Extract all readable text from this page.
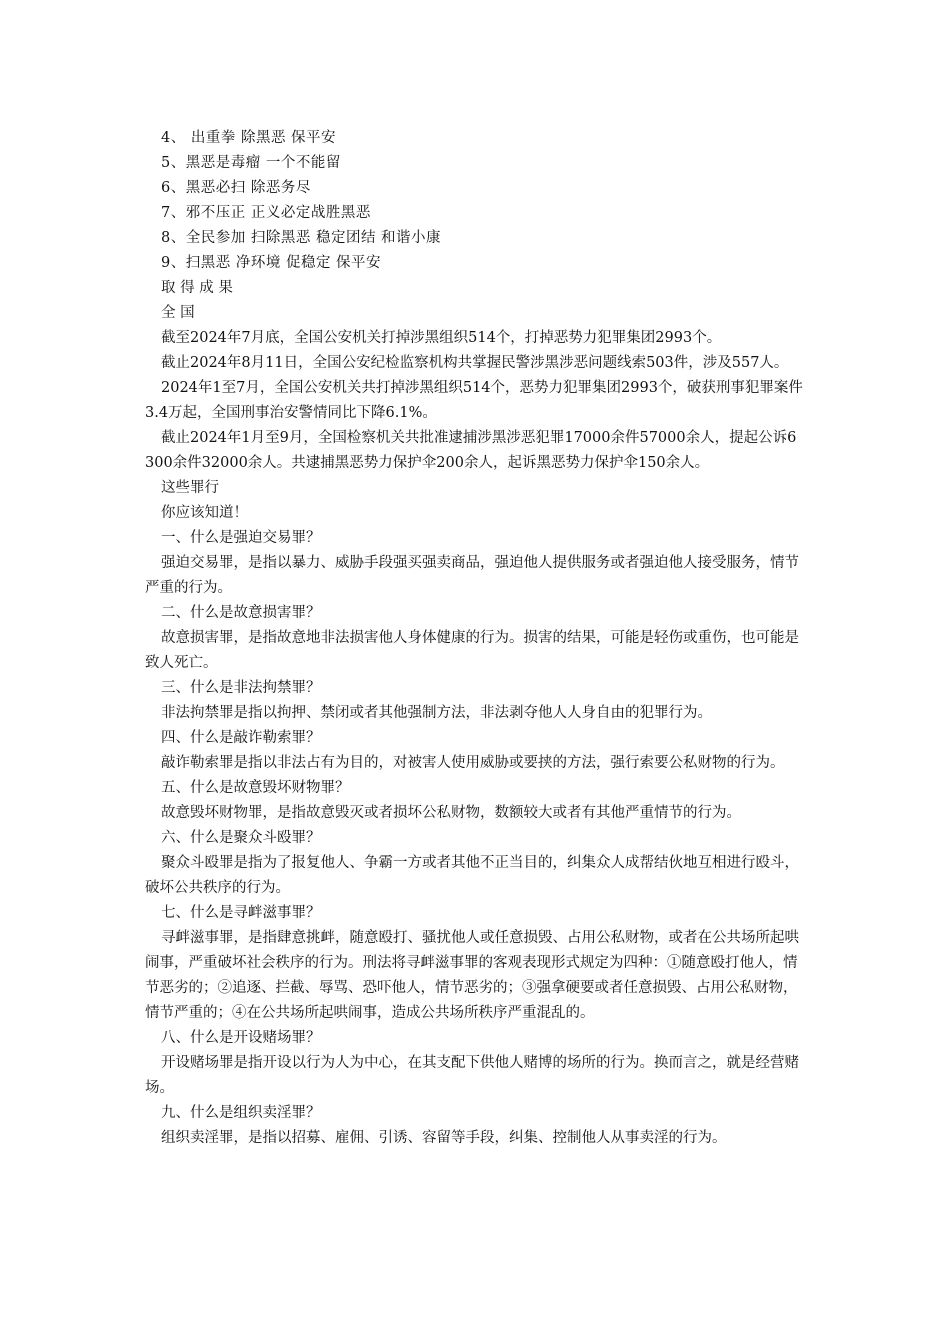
4、 出重拳 除黑恶 保平安

5、黑恶是毒瘤 一个不能留

6、黑恶必扫 除恶务尽

7、邪不压正 正义必定战胜黑恶

8、全民参加 扫除黑恶 稳定团结 和谐小康

9、扫黑恶 净环境 促稳定 保平安

取 得 成 果

全 国

截至2024年7月底，全国公安机关打掉涉黑组织514个，打掉恶势力犯罪集团2993个。

截止2024年8月11日，全国公安纪检监察机构共掌握民警涉黑涉恶问题线索503件，涉及557人。

2024年1至7月，全国公安机关共打掉涉黑组织514个，恶势力犯罪集团2993个，破获刑事犯罪案件3.4万起，全国刑事治安警情同比下降6.1%。

截止2024年1月至9月，全国检察机关共批准逮捕涉黑涉恶犯罪17000余件57000余人，提起公诉6300余件32000余人。共逮捕黑恶势力保护伞200余人，起诉黑恶势力保护伞150余人。

这些罪行

你应该知道！

一、什么是强迫交易罪？

强迫交易罪，是指以暴力、威胁手段强买强卖商品，强迫他人提供服务或者强迫他人接受服务，情节严重的行为。

二、什么是故意损害罪？

故意损害罪，是指故意地非法损害他人身体健康的行为。损害的结果，可能是轻伤或重伤，也可能是致人死亡。

三、什么是非法拘禁罪？

非法拘禁罪是指以拘押、禁闭或者其他强制方法，非法剥夺他人人身自由的犯罪行为。

四、什么是敲诈勒索罪？

敲诈勒索罪是指以非法占有为目的，对被害人使用威胁或要挟的方法，强行索要公私财物的行为。

五、什么是故意毁坏财物罪？

故意毁坏财物罪，是指故意毁灭或者损坏公私财物，数额较大或者有其他严重情节的行为。

六、什么是聚众斗殴罪？

聚众斗殴罪是指为了报复他人、争霸一方或者其他不正当目的，纠集众人成帮结伙地互相进行殴斗，破坏公共秩序的行为。

七、什么是寻衅滋事罪？

寻衅滋事罪，是指肆意挑衅，随意殴打、骚扰他人或任意损毁、占用公私财物，或者在公共场所起哄闹事，严重破坏社会秩序的行为。刑法将寻衅滋事罪的客观表现形式规定为四种：①随意殴打他人，情节恶劣的；②追逐、拦截、辱骂、恐吓他人，情节恶劣的；③强拿硬要或者任意损毁、占用公私财物，情节严重的；④在公共场所起哄闹事，造成公共场所秩序严重混乱的。

八、什么是开设赌场罪？

开设赌场罪是指开设以行为人为中心，在其支配下供他人赌博的场所的行为。换而言之，就是经营赌场。

九、什么是组织卖淫罪？

组织卖淫罪，是指以招募、雇佣、引诱、容留等手段，纠集、控制他人从事卖淫的行为。
